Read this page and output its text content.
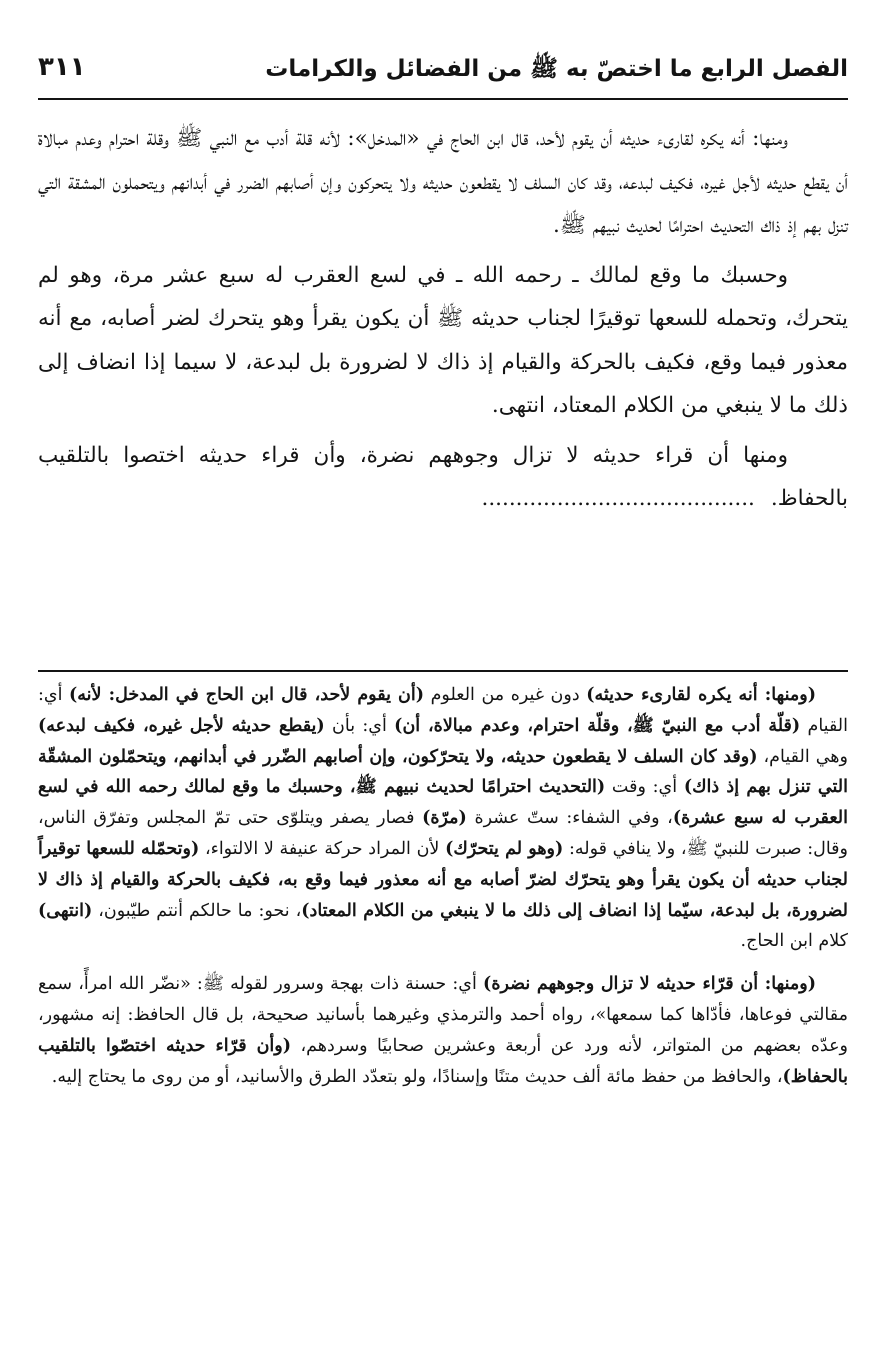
الفصل الرابع ما اختصّ به ﷺ من الفضائل والكرامات
٣١١

ومنها: أنه يكره لقارىء حديثه أن يقوم لأحد، قال ابن الحاج في «المدخل»: لأنه قلة أدب مع النبي ﷺ وقلة احترام وعدم مبالاة أن يقطع حديثه لأجل غيره، فكيف لبدعه، وقد كان السلف لا يقطعون حديثه ولا يتحركون وإن أصابهم الضرر في أبدانهم ويتحملون المشقة التي تنزل بهم إذ ذاك التحديث احترامًا لحديث نبيهم ﷺ.

وحسبك ما وقع لمالك ـ رحمه الله ـ في لسع العقرب له سبع عشر مرة، وهو لم يتحرك، وتحمله للسعها توقيرًا لجناب حديثه ﷺ أن يكون يقرأ وهو يتحرك لضر أصابه، مع أنه معذور فيما وقع، فكيف بالحركة والقيام إذ ذاك لا لضرورة بل لبدعة، لا سيما إذا انضاف إلى ذلك ما لا ينبغي من الكلام المعتاد، انتهى.

ومنها أن قراء حديثه لا تزال وجوههم نضرة، وأن قراء حديثه اختصوا بالتلقيب بالحفاظ.........................................

(ومنها: أنه يكره لقارىء حديثه) دون غيره من العلوم (أن يقوم لأحد، قال ابن الحاج في المدخل: لأنه) أي: القيام (قلّة أدب مع النبيّ ﷺ، وقلّة احترام، وعدم مبالاة، أن) أي: بأن (يقطع حديثه لأجل غيره، فكيف لبدعه) وهي القيام، (وقد كان السلف لا يقطعون حديثه، ولا يتحرّكون، وإن أصابهم الضّرر في أبدانهم، ويتحمّلون المشقّة التي تنزل بهم إذ ذاك) أي: وقت (التحديث احترامًا لحديث نبيهم ﷺ، وحسبك ما وقع لمالك رحمه الله في لسع العقرب له سبع عشرة)، وفي الشفاء: ستّ عشرة (مرّة) فصار يصفر ويتلوّى حتى تمّ المجلس وتفرّق الناس، وقال: صبرت للنبيّ ﷺ، ولا ينافي قوله: (وهو لم يتحرّك) لأن المراد حركة عنيفة لا الالتواء، (وتحمّله للسعها توقيراً لجناب حديثه أن يكون يقرأ وهو يتحرّك لضرّ أصابه مع أنه معذور فيما وقع به، فكيف بالحركة والقيام إذ ذاك لا لضرورة، بل لبدعة، سيّما إذا انضاف إلى ذلك ما لا ينبغي من الكلام المعتاد)، نحو: ما حالكم أنتم طيّبون، (انتهى) كلام ابن الحاج.

(ومنها: أن قرّاء حديثه لا تزال وجوههم نضرة) أي: حسنة ذات بهجة وسرور لقوله ﷺ: «نضّر الله امرأً، سمع مقالتي فوعاها، فأدّاها كما سمعها»، رواه أحمد والترمذي وغيرهما بأسانيد صحيحة، بل قال الحافظ: إنه مشهور، وعدّه بعضهم من المتواتر، لأنه ورد عن أربعة وعشرين صحابيًا وسردهم، (وأن قرّاء حديثه اختصّوا بالتلقيب بالحفاظ)، والحافظ من حفظ مائة ألف حديث متنًا وإسنادًا، ولو بتعدّد الطرق والأسانيد، أو من روى ما يحتاج إليه.
